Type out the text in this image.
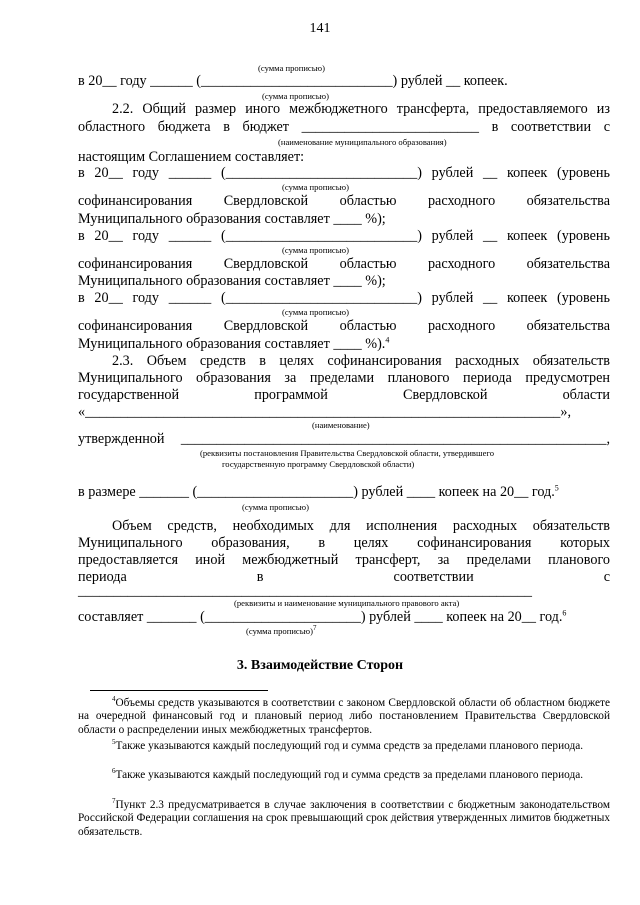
141
(сумма прописью)
в 20__ году ______ (___________________________) рублей __ копеек.
(сумма прописью)
2.2. Общий размер иного межбюджетного трансферта, предоставляемого из
областного бюджета в бюджет _________________________ в соответствии с
(наименование муниципального образования)
настоящим Соглашением составляет:
в 20__ году ______ (___________________________) рублей __ копеек (уровень
(сумма прописью)
софинансирования Свердловской областью расходного обязательства
Муниципального образования составляет ____ %);
в 20__ году ______ (___________________________) рублей __ копеек (уровень
(сумма прописью)
софинансирования Свердловской областью расходного обязательства
Муниципального образования составляет ____ %);
в 20__ году ______ (___________________________) рублей __ копеек (уровень
(сумма прописью)
софинансирования Свердловской областью расходного обязательства
Муниципального образования составляет ____ %).$^4$
2.3. Объем средств в целях софинансирования расходных обязательств
Муниципального образования за пределами планового периода предусмотрен
государственной программой Свердловской области
«___________________________________________________________________»,
(наименование)
утвержденной ____________________________________________________________,
(реквизиты постановления Правительства Свердловской области, утвердившего
государственную программу Свердловской области)
в размере _______ (______________________) рублей ____ копеек на 20__ год.$^5$
(сумма прописью)
Объем средств, необходимых для исполнения расходных обязательств
Муниципального образования, в целях софинансирования которых
предоставляется иной межбюджетный трансферт, за пределами планового
периода в соответствии с
________________________________________________________________
(реквизиты и наименование муниципального правового акта)
составляет _______ (______________________) рублей ____ копеек на 20__ год.$^6$
(сумма прописью)$^7$
3. Взаимодействие Сторон
$^4$Объемы средств указываются в соответствии с законом Свердловской области об областном бюджете на очередной финансовый год и плановый период либо постановлением Правительства Свердловской области о распределении иных межбюджетных трансфертов.
$^5$Также указываются каждый последующий год и сумма средств за пределами планового периода.
$^6$Также указываются каждый последующий год и сумма средств за пределами планового периода.
$^7$Пункт 2.3 предусматривается в случае заключения в соответствии с бюджетным законодательством Российской Федерации соглашения на срок превышающий срок действия утвержденных лимитов бюджетных обязательств.
